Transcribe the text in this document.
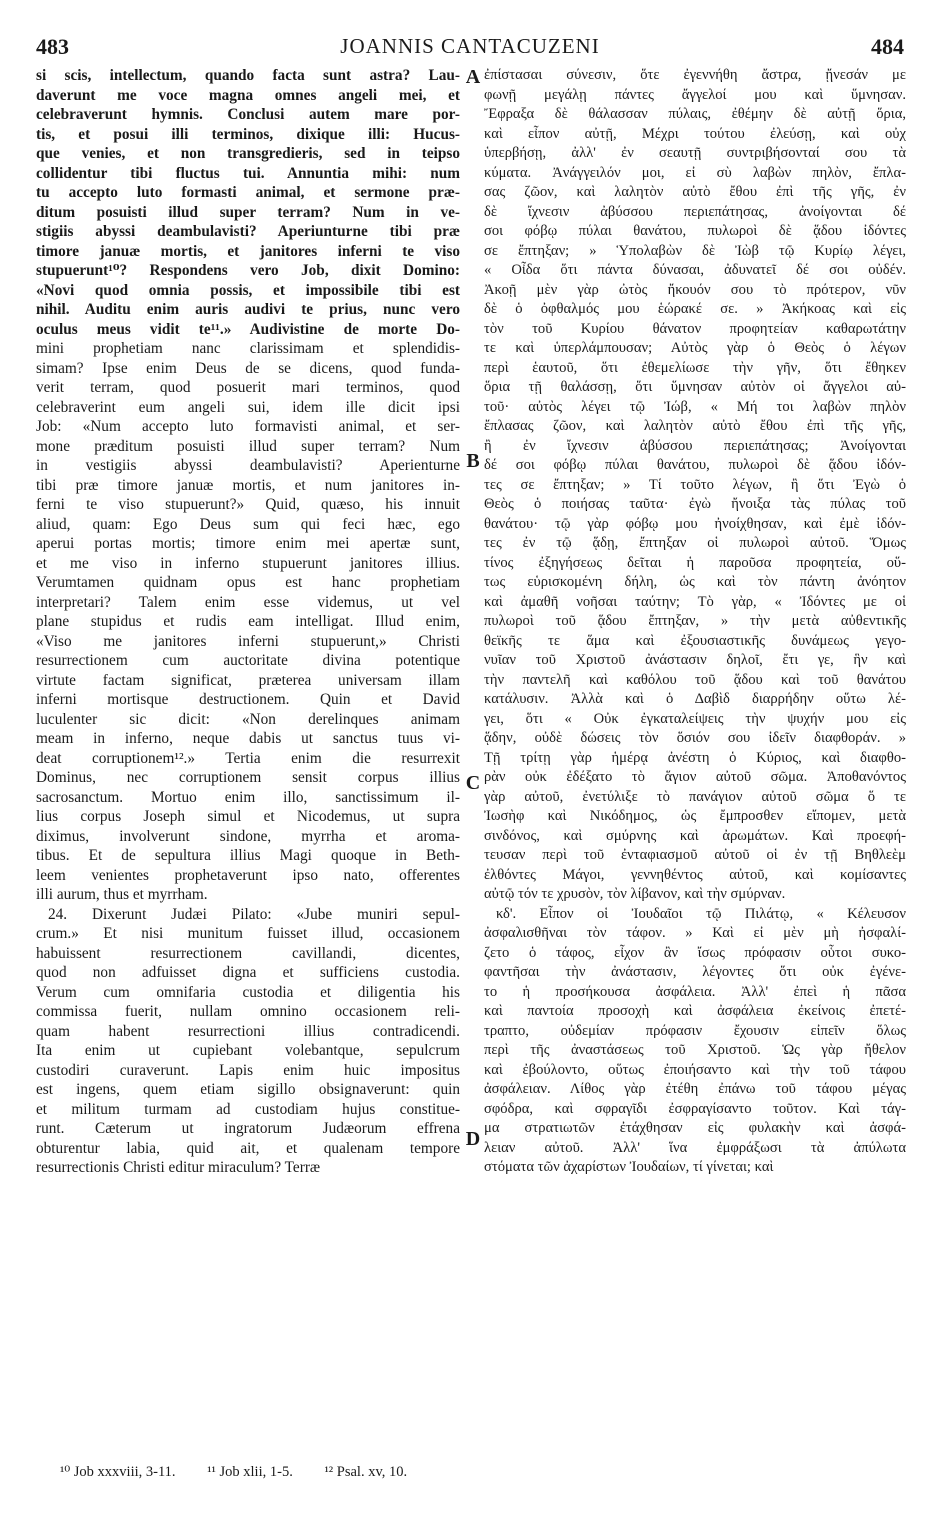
483	JOANNIS CANTACUZENI	484
si scis, intellectum, quando facta sunt astra? Lau-
daverunt me voce magna omnes angeli mei, et
celebraverunt hymnis. Conclusi autem mare por-
tis, et posui illi terminos, dixique illi: Hucus-
que venies, et non transgredieris, sed in teipso
collidentur tibi fluctus tui. Annuntia mihi: num
tu accepto luto formasti animal, et sermone præ-
ditum posuisti illud super terram? Num in ve-
stigiis abyssi deambulavisti? Aperiunturne tibi præ
timore januæ mortis, et janitores inferni te viso
stupuerunt¹⁰? Respondens vero Job, dixit Domino:
«Novi quod omnia possis, et impossibile tibi est
nihil. Auditu enim auris audivi te prius, nunc vero
oculus meus vidit te¹¹.» Audivistine de morte Do-
mini prophetiam nanc clarissimam et splendidis-
simam? Ipse enim Deus de se dicens, quod funda-
verit terram, quod posuerit mari terminos, quod
celebraverint eum angeli sui, idem ille dicit ipsi
Job: «Num accepto luto formavisti animal, et ser-
mone præditum posuisti illud super terram? Num
in vestigiis abyssi deambulavisti? Aperienturne
tibi præ timore januæ mortis, et num janitores in-
ferni te viso stupuerunt?» Quid, quæso, his innuit
aliud, quam: Ego Deus sum qui feci hæc, ego
aperui portas mortis; timore enim mei apertæ sunt,
et me viso in inferno stupuerunt janitores illius.
Verumtamen quidnam opus est hanc prophetiam
interpretari? Talem enim esse videmus, ut vel
plane stupidus et rudis eam intelligat. Illud enim,
«Viso me janitores inferni stupuerunt,» Christi
resurrectionem cum auctoritate divina potentique
virtute factam significat, præterea universam illam
inferni mortisque destructionem. Quin et David
luculenter sic dicit: «Non derelinques animam
meam in inferno, neque dabis ut sanctus tuus vi-
deat corruptionem¹².» Tertia enim die resurrexit
Dominus, nec corruptionem sensit corpus illius
sacrosanctum. Mortuo enim illo, sanctissimum il-
lius corpus Joseph simul et Nicodemus, ut supra
diximus, involverunt sindone, myrrha et aroma-
tibus. Et de sepultura illius Magi quoque in Beth-
leem venientes prophetaverunt ipso nato, offerentes
illi aurum, thus et myrrham.
24. Dixerunt Judæi Pilato: «Jube muniri sepul-
crum.» Et nisi munitum fuisset illud, occasionem
habuissent resurrectionem cavillandi, dicentes,
quod non adfuisset digna et sufficiens custodia.
Verum cum omnifaria custodia et diligentia his
commissa fuerit, nullam omnino occasionem reli-
quam habent resurrectioni illius contradicendi.
Ita enim ut cupiebant volebantque, sepulcrum
custodiri curaverunt. Lapis enim huic impositus
est ingens, quem etiam sigillo obsignaverunt: quin
et militum turmam ad custodiam hujus constitue-
runt. Cæterum ut ingratorum Judæorum effrena
obturentur labia, quid ait, et qualenam tempore
resurrectionis Christi editur miraculum? Terræ
A
B
C
D
ἐπίστασαι σύνεσιν, ὅτε ἐγεννήθη ἄστρα, ᾔνεσάν με
φωνῇ μεγάλῃ πάντες ἄγγελοί μου καὶ ὕμνησαν.
Ἔφραξα δὲ θάλασσαν πύλαις, ἐθέμην δὲ αὐτῇ ὅρια,
καὶ εἶπον αὐτῇ, Μέχρι τούτου ἐλεύσῃ, καὶ οὐχ
ὑπερβήσῃ, ἀλλ' ἐν σεαυτῇ συντριβήσονταί σου τὰ
κύματα. Ἀνάγγειλόν μοι, εἰ σὺ λαβὼν πηλὸν, ἔπλα-
σας ζῶον, καὶ λαλητὸν αὐτὸ ἔθου ἐπὶ τῆς γῆς, ἐν
δὲ ἴχνεσιν ἀβύσσου περιεπάτησας, ἀνοίγονται δέ
σοι φόβῳ πύλαι θανάτου, πυλωροὶ δὲ ᾅδου ἰδόντες
σε ἔπτηξαν; » Ὑπολαβὼν δὲ Ἰὼβ τῷ Κυρίῳ λέγει,
« Οἶδα ὅτι πάντα δύνασαι, ἀδυνατεῖ δέ σοι οὐδέν.
Ἀκοῇ μὲν γὰρ ὠτὸς ἤκουόν σου τὸ πρότερον, νῦν
δὲ ὁ ὀφθαλμός μου ἑώρακέ σε. » Ἀκήκοας καὶ εἰς
τὸν τοῦ Κυρίου θάνατον προφητείαν καθαρωτάτην
τε καὶ ὑπερλάμπουσαν; Αὐτὸς γὰρ ὁ Θεὸς ὁ λέγων
περὶ ἑαυτοῦ, ὅτι ἐθεμελίωσε τὴν γῆν, ὅτι ἔθηκεν
ὅρια τῇ θαλάσσῃ, ὅτι ὕμνησαν αὐτὸν οἱ ἄγγελοι αὐ-
τοῦ· αὐτὸς λέγει τῷ Ἰώβ, « Μή τοι λαβὼν πηλὸν
ἔπλασας ζῶον, καὶ λαλητὸν αὐτὸ ἔθου ἐπὶ τῆς γῆς,
ἢ ἐν ἴχνεσιν ἀβύσσου περιεπάτησας; Ἀνοίγονται
δέ σοι φόβῳ πύλαι θανάτου, πυλωροὶ δὲ ᾅδου ἰδόν-
τες σε ἔπτηξαν; » Τί τοῦτο λέγων, ἢ ὅτι Ἐγὼ ὁ
Θεὸς ὁ ποιήσας ταῦτα· ἐγὼ ἤνοιξα τὰς πύλας τοῦ
θανάτου· τῷ γὰρ φόβῳ μου ἠνοίχθησαν, καὶ ἐμὲ ἰδόν-
τες ἐν τῷ ᾅδῃ, ἔπτηξαν οἱ πυλωροὶ αὐτοῦ. Ὅμως
τίνος ἐξηγήσεως δεῖται ἡ παροῦσα προφητεία, οὕ-
τως εὑρισκομένη δήλη, ὡς καὶ τὸν πάντη ἀνόητον
καὶ ἀμαθῆ νοῆσαι ταύτην; Τὸ γὰρ, « Ἰδόντες με οἱ
πυλωροὶ τοῦ ᾅδου ἔπτηξαν, » τὴν μετὰ αὐθεντικῆς
θεϊκῆς τε ἅμα καὶ ἐξουσιαστικῆς δυνάμεως γεγο-
νυῖαν τοῦ Χριστοῦ ἀνάστασιν δηλοῖ, ἔτι γε, ἣν καὶ
τὴν παντελῆ καὶ καθόλου τοῦ ᾅδου καὶ τοῦ θανάτου
κατάλυσιν. Ἀλλὰ καὶ ὁ Δαβὶδ διαρρήδην οὕτω λέ-
γει, ὅτι « Οὐκ ἐγκαταλείψεις τὴν ψυχήν μου εἰς
ᾅδην, οὐδὲ δώσεις τὸν ὅσιόν σου ἰδεῖν διαφθοράν. »
Τῇ τρίτῃ γὰρ ἡμέρᾳ ἀνέστη ὁ Κύριος, καὶ διαφθο-
ρὰν οὐκ ἐδέξατο τὸ ἅγιον αὐτοῦ σῶμα. Ἀποθανόντος
γὰρ αὐτοῦ, ἐνετύλιξε τὸ πανάγιον αὐτοῦ σῶμα ὅ τε
Ἰωσὴφ καὶ Νικόδημος, ὡς ἔμπροσθεν εἴπομεν, μετὰ
σινδόνος, καὶ σμύρνης καὶ ἀρωμάτων. Καὶ προεφή-
τευσαν περὶ τοῦ ἐνταφιασμοῦ αὐτοῦ οἱ ἐν τῇ Βηθλεὲμ
ἐλθόντες Μάγοι, γεννηθέντος αὐτοῦ, καὶ κομίσαντες
αὐτῷ τόν τε χρυσὸν, τὸν λίβανον, καὶ τὴν σμύρναν.
κδ'. Εἶπον οἱ Ἰουδαῖοι τῷ Πιλάτῳ, « Κέλευσον
ἀσφαλισθῆναι τὸν τάφον. » Καὶ εἰ μὲν μὴ ἠσφαλί-
ζετο ὁ τάφος, εἶχον ἂν ἴσως πρόφασιν οὗτοι συκο-
φαντῆσαι τὴν ἀνάστασιν, λέγοντες ὅτι οὐκ ἐγένε-
το ἡ προσήκουσα ἀσφάλεια. Ἀλλ' ἐπεὶ ἡ πᾶσα
καὶ παντοία προσοχὴ καὶ ἀσφάλεια ἐκείνοις ἐπετέ-
τραπτο, οὐδεμίαν πρόφασιν ἔχουσιν εἰπεῖν ὅλως
περὶ τῆς ἀναστάσεως τοῦ Χριστοῦ. Ὡς γὰρ ἤθελον
καὶ ἐβούλοντο, οὕτως ἐποιήσαντο καὶ τὴν τοῦ τάφου
ἀσφάλειαν. Λίθος γὰρ ἐτέθη ἐπάνω τοῦ τάφου μέγας
σφόδρα, καὶ σφραγῖδι ἐσφραγίσαντο τοῦτον. Καὶ τάγ-
μα στρατιωτῶν ἐτάχθησαν εἰς φυλακὴν καὶ ἀσφά-
λειαν αὐτοῦ. Ἀλλ' ἵνα ἐμφράξωσι τὰ ἀπύλωτα
στόματα τῶν ἀχαρίστων Ἰουδαίων, τί γίνεται; καὶ
¹⁰ Job xxxviii, 3-11. ¹¹ Job xlii, 1-5. ¹² Psal. xv, 10.
